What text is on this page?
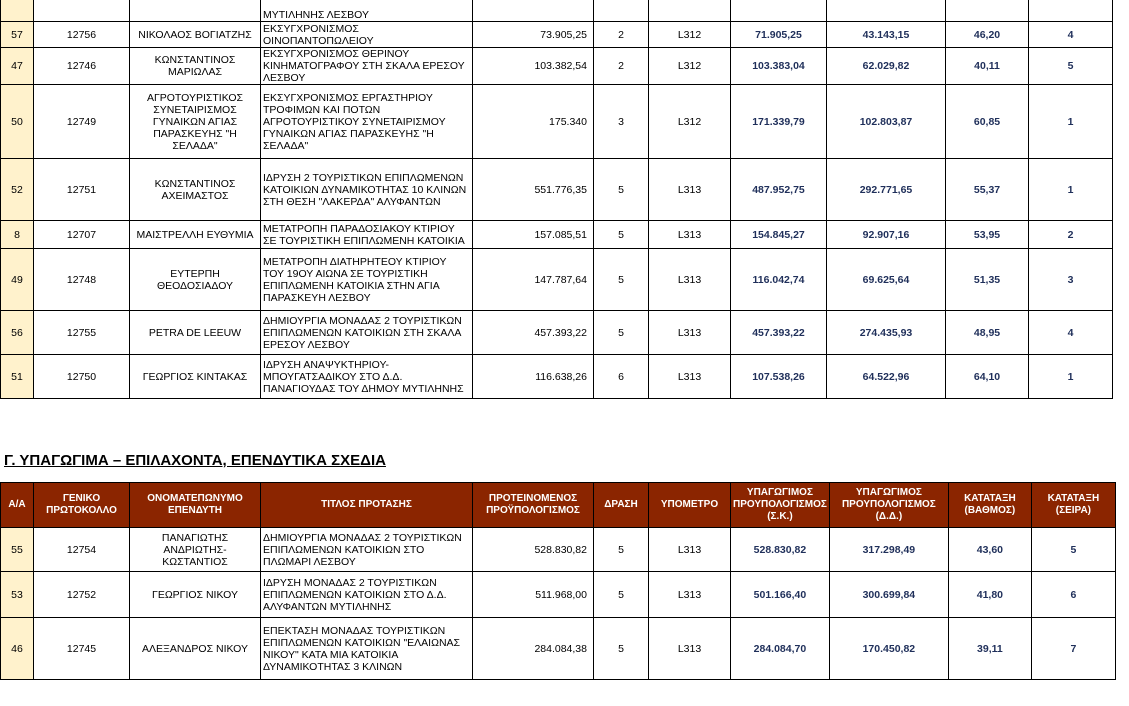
			ΜΥΤΙΛΗΝΗΣ ΛΕΣΒΟΥ							
57	12756	ΝΙΚΟΛΑΟΣ ΒΟΓΙΑΤΖΗΣ	ΕΚΣΥΓΧΡΟΝΙΣΜΟΣ ΟΙΝΟΠΑΝΤΟΠΩΛΕΙΟΥ	73.905,25	2	L312	71.905,25	43.143,15	46,20	4
47	12746	ΚΩΝΣΤΑΝΤΙΝΟΣ ΜΑΡΙΩΛΑΣ	ΕΚΣΥΓΧΡΟΝΙΣΜΟΣ ΘΕΡΙΝΟΥ ΚΙΝΗΜΑΤΟΓΡΑΦΟΥ ΣΤΗ ΣΚΑΛΑ ΕΡΕΣΟΥ ΛΕΣΒΟΥ	103.382,54	2	L312	103.383,04	62.029,82	40,11	5
50	12749	ΑΓΡΟΤΟΥΡΙΣΤΙΚΟΣ ΣΥΝΕΤΑΙΡΙΣΜΟΣ ΓΥΝΑΙΚΩΝ ΑΓΙΑΣ ΠΑΡΑΣΚΕΥΗΣ "Η ΣΕΛΑΔΑ"	ΕΚΣΥΓΧΡΟΝΙΣΜΟΣ ΕΡΓΑΣΤΗΡΙΟΥ ΤΡΟΦΙΜΩΝ ΚΑΙ ΠΟΤΩΝ ΑΓΡΟΤΟΥΡΙΣΤΙΚΟΥ ΣΥΝΕΤΑΙΡΙΣΜΟΥ ΓΥΝΑΙΚΩΝ ΑΓΙΑΣ ΠΑΡΑΣΚΕΥΗΣ "Η ΣΕΛΑΔΑ"	175.340	3	L312	171.339,79	102.803,87	60,85	1
52	12751	ΚΩΝΣΤΑΝΤΙΝΟΣ ΑΧΕΙΜΑΣΤΟΣ	ΙΔΡΥΣΗ 2 ΤΟΥΡΙΣΤΙΚΩΝ ΕΠΙΠΛΩΜΕΝΩΝ ΚΑΤΟΙΚΙΩΝ ΔΥΝΑΜΙΚΟΤΗΤΑΣ 10 ΚΛΙΝΩΝ ΣΤΗ ΘΕΣΗ "ΛΑΚΕΡΔΑ" ΑΛΥΦΑΝΤΩΝ	551.776,35	5	L313	487.952,75	292.771,65	55,37	1
8	12707	ΜΑΙΣΤΡΕΛΛΗ ΕΥΘΥΜΙΑ	ΜΕΤΑΤΡΟΠΗ ΠΑΡΑΔΟΣΙΑΚΟΥ ΚΤΙΡΙΟΥ ΣΕ ΤΟΥΡΙΣΤΙΚΗ ΕΠΙΠΛΩΜΕΝΗ ΚΑΤΟΙΚΙΑ	157.085,51	5	L313	154.845,27	92.907,16	53,95	2
49	12748	ΕΥΤΕΡΠΗ ΘΕΟΔΟΣΙΑΔΟΥ	ΜΕΤΑΤΡΟΠΗ ΔΙΑΤΗΡΗΤΕΟΥ ΚΤΙΡΙΟΥ ΤΟΥ 19ΟΥ ΑΙΩΝΑ ΣΕ ΤΟΥΡΙΣΤΙΚΗ ΕΠΙΠΛΩΜΕΝΗ ΚΑΤΟΙΚΙΑ ΣΤΗΝ ΑΓΙΑ ΠΑΡΑΣΚΕΥΗ ΛΕΣΒΟΥ	147.787,64	5	L313	116.042,74	69.625,64	51,35	3
56	12755	PETRA DE LEEUW	ΔΗΜΙΟΥΡΓΙΑ ΜΟΝΑΔΑΣ 2 ΤΟΥΡΙΣΤΙΚΩΝ ΕΠΙΠΛΩΜΕΝΩΝ ΚΑΤΟΙΚΙΩΝ ΣΤΗ ΣΚΑΛΑ ΕΡΕΣΟΥ ΛΕΣΒΟΥ	457.393,22	5	L313	457.393,22	274.435,93	48,95	4
51	12750	ΓΕΩΡΓΙΟΣ ΚΙΝΤΑΚΑΣ	ΙΔΡΥΣΗ ΑΝΑΨΥΚΤΗΡΙΟΥ-ΜΠΟΥΓΑΤΣΑΔΙΚΟΥ ΣΤΟ Δ.Δ. ΠΑΝΑΓΙΟΥΔΑΣ ΤΟΥ ΔΗΜΟΥ ΜΥΤΙΛΗΝΗΣ	116.638,26	6	L313	107.538,26	64.522,96	64,10	1
Γ. ΥΠΑΓΩΓΙΜΑ – ΕΠΙΛΑΧΟΝΤΑ, ΕΠΕΝΔΥΤΙΚΑ ΣΧΕΔΙΑ
Α/Α	ΓΕΝΙΚΟ ΠΡΩΤΟΚΟΛΛΟ	ΟΝΟΜΑΤΕΠΩΝΥΜΟ ΕΠΕΝΔΥΤΗ	ΤΙΤΛΟΣ ΠΡΟΤΑΣΗΣ	ΠΡΟΤΕΙΝΟΜΕΝΟΣ ΠΡΟΫΠΟΛΟΓΙΣΜΟΣ	ΔΡΑΣΗ	ΥΠΟΜΕΤΡΟ	ΥΠΑΓΩΓΙΜΟΣ ΠΡΟΥΠΟΛΟΓΙΣΜΟΣ (Σ.Κ.)	ΥΠΑΓΩΓΙΜΟΣ ΠΡΟΥΠΟΛΟΓΙΣΜΟΣ (Δ.Δ.)	ΚΑΤΑΤΑΞΗ (ΒΑΘΜΟΣ)	ΚΑΤΑΤΑΞΗ (ΣΕΙΡΑ)
55	12754	ΠΑΝΑΓΙΩΤΗΣ ΑΝΔΡΙΩΤΗΣ-ΚΩΣΤΑΝΤΙΟΣ	ΔΗΜΙΟΥΡΓΙΑ ΜΟΝΑΔΑΣ 2 ΤΟΥΡΙΣΤΙΚΩΝ ΕΠΙΠΛΩΜΕΝΩΝ ΚΑΤΟΙΚΙΩΝ ΣΤΟ ΠΛΩΜΑΡΙ ΛΕΣΒΟΥ	528.830,82	5	L313	528.830,82	317.298,49	43,60	5
53	12752	ΓΕΩΡΓΙΟΣ ΝΙΚΟΥ	ΙΔΡΥΣΗ ΜΟΝΑΔΑΣ 2 ΤΟΥΡΙΣΤΙΚΩΝ ΕΠΙΠΛΩΜΕΝΩΝ ΚΑΤΟΙΚΙΩΝ ΣΤΟ Δ.Δ. ΑΛΥΦΑΝΤΩΝ ΜΥΤΙΛΗΝΗΣ	511.968,00	5	L313	501.166,40	300.699,84	41,80	6
46	12745	ΑΛΕΞΑΝΔΡΟΣ ΝΙΚΟΥ	ΕΠΕΚΤΑΣΗ ΜΟΝΑΔΑΣ ΤΟΥΡΙΣΤΙΚΩΝ ΕΠΙΠΛΩΜΕΝΩΝ ΚΑΤΟΙΚΙΩΝ "ΕΛΑΙΩΝΑΣ ΝΙΚΟΥ" ΚΑΤΑ ΜΙΑ ΚΑΤΟΙΚΙΑ ΔΥΝΑΜΙΚΟΤΗΤΑΣ 3 ΚΛΙΝΩΝ	284.084,38	5	L313	284.084,70	170.450,82	39,11	7
